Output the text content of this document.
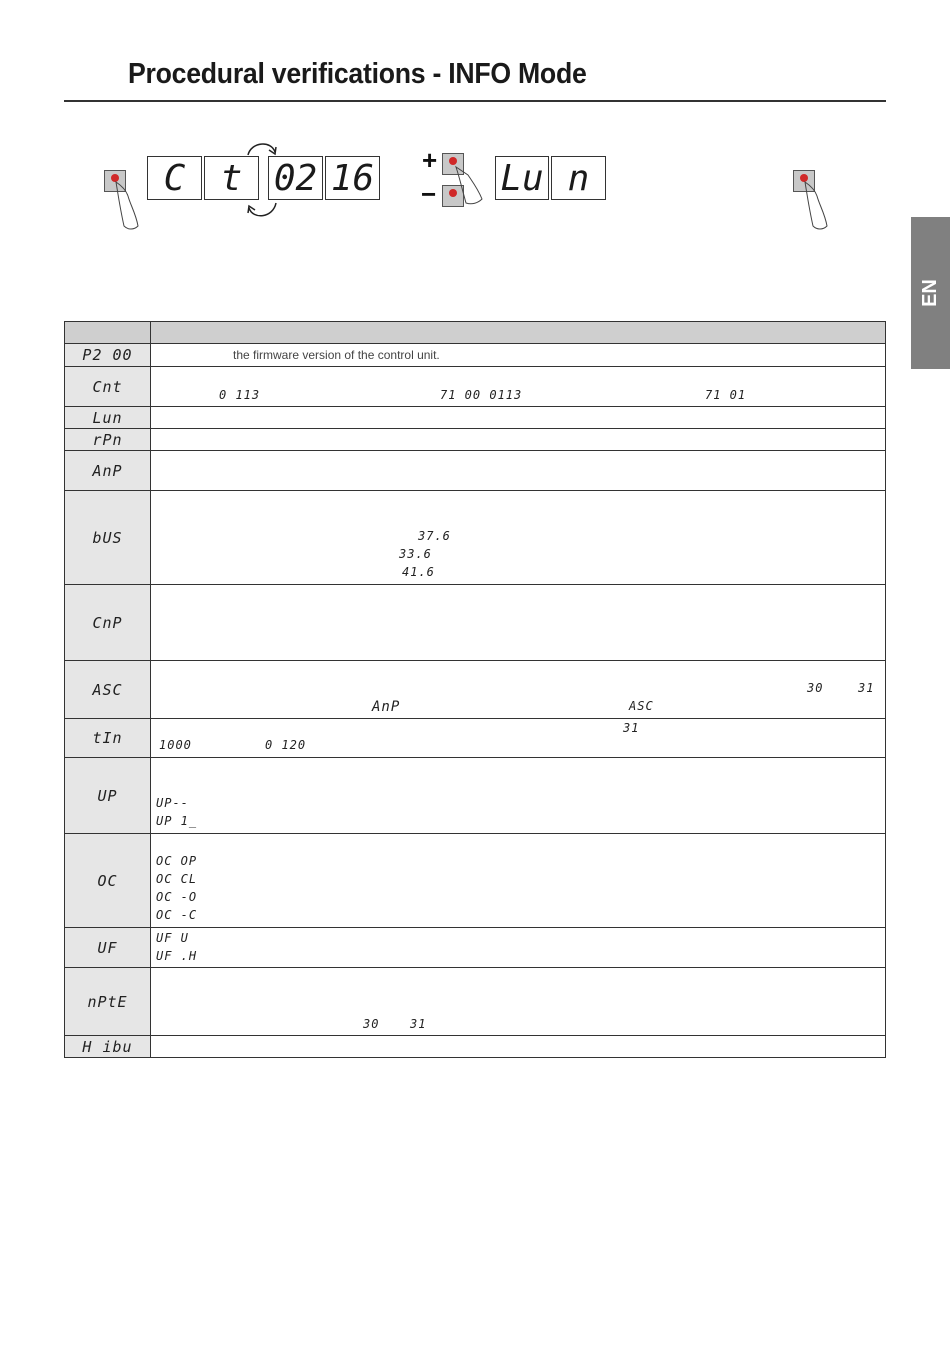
Procedural verifications - INFO Mode
EN
C t 02 16 +
− Lu n

P2 00	the firmware version of the control unit.

Cnt	0 113 71 00 0113 71 01

Lun	
rPn	
AnP	
bUS	37.6
33.6
41.6

CnP	
ASC	30 31
AnP ASC

tIn	31
1000 0 120

UP	UP--
UP 1_

OC	OC OP
OC CL
OC -O
OC -C

UF	UF U
UF .H

nPtE	30 31

H ibu	
